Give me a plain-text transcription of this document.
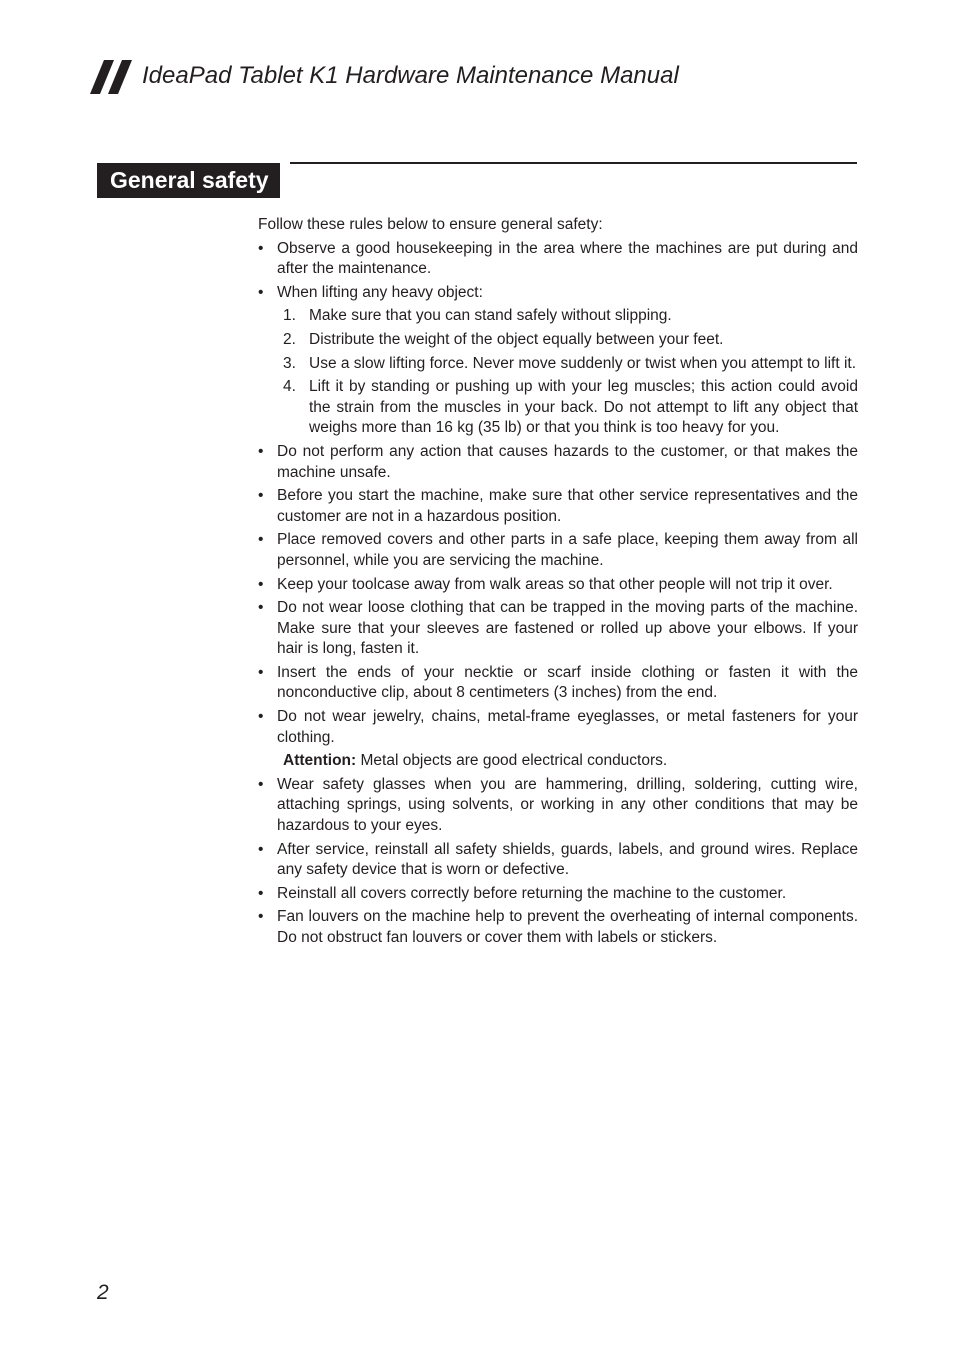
IdeaPad Tablet K1 Hardware Maintenance Manual
General safety

Follow these rules below to ensure general safety:

• Observe a good housekeeping in the area where the machines are put during and after the maintenance.
• When lifting any heavy object:
1. Make sure that you can stand safely without slipping.
2. Distribute the weight of the object equally between your feet.
3. Use a slow lifting force. Never move suddenly or twist when you attempt to lift it.
4. Lift it by standing or pushing up with your leg muscles; this action could avoid the strain from the muscles in your back. Do not attempt to lift any object that weighs more than 16 kg (35 lb) or that you think is too heavy for you.
• Do not perform any action that causes hazards to the customer, or that makes the machine unsafe.
• Before you start the machine, make sure that other service representatives and the customer are not in a hazardous position.
• Place removed covers and other parts in a safe place, keeping them away from all personnel, while you are servicing the machine.
• Keep your toolcase away from walk areas so that other people will not trip it over.
• Do not wear loose clothing that can be trapped in the moving parts of the machine. Make sure that your sleeves are fastened or rolled up above your elbows. If your hair is long, fasten it.
• Insert the ends of your necktie or scarf inside clothing or fasten it with the nonconductive clip, about 8 centimeters (3 inches) from the end.
• Do not wear jewelry, chains, metal-frame eyeglasses, or metal fasteners for your clothing.

Attention: Metal objects are good electrical conductors.

• Wear safety glasses when you are hammering, drilling, soldering, cutting wire, attaching springs, using solvents, or working in any other conditions that may be hazardous to your eyes.
• After service, reinstall all safety shields, guards, labels, and ground wires. Replace any safety device that is worn or defective.
• Reinstall all covers correctly before returning the machine to the customer.
• Fan louvers on the machine help to prevent the overheating of internal components. Do not obstruct fan louvers or cover them with labels or stickers.
2
